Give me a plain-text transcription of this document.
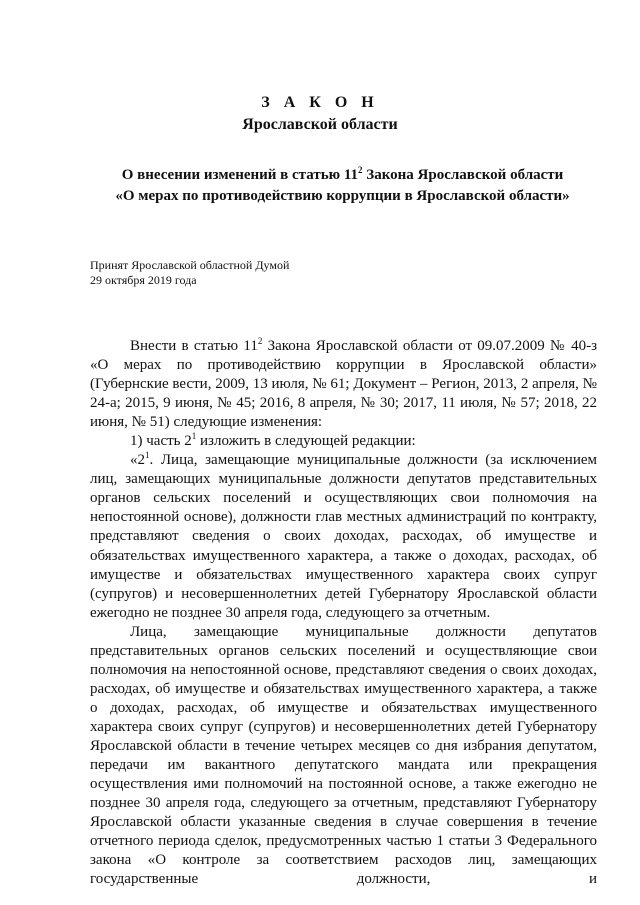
З А К О Н
Ярославской области
О внесении изменений в статью $11^2$ Закона Ярославской области
«О мерах по противодействию коррупции в Ярославской области»
Принят Ярославской областной Думой
29 октября 2019 года

Внести в статью $11^2$ Закона Ярославской области от 09.07.2009 № 40-з «О мерах по противодействию коррупции в Ярославской области» (Губернские вести, 2009, 13 июля, № 61; Документ – Регион, 2013, 2 апреля, № 24-а; 2015, 9 июня, № 45; 2016, 8 апреля, № 30; 2017, 11 июля, № 57; 2018, 22 июня, № 51) следующие изменения:

1) часть $2^1$ изложить в следующей редакции:

«$2^1$. Лица, замещающие муниципальные должности (за исключением лиц, замещающих муниципальные должности депутатов представительных органов сельских поселений и осуществляющих свои полномочия на непостоянной основе), должности глав местных администраций по контракту, представляют сведения о своих доходах, расходах, об имуществе и обязательствах имущественного характера, а также о доходах, расходах, об имуществе и обязательствах имущественного характера своих супруг (супругов) и несовершеннолетних детей Губернатору Ярославской области ежегодно не позднее 30 апреля года, следующего за отчетным.

Лица, замещающие муниципальные должности депутатов представительных органов сельских поселений и осуществляющие свои полномочия на непостоянной основе, представляют сведения о своих доходах, расходах, об имуществе и обязательствах имущественного характера, а также о доходах, расходах, об имуществе и обязательствах имущественного характера своих супруг (супругов) и несовершеннолетних детей Губернатору Ярославской области в течение четырех месяцев со дня избрания депутатом, передачи им вакантного депутатского мандата или прекращения осуществления ими полномочий на постоянной основе, а также ежегодно не позднее 30 апреля года, следующего за отчетным, представляют Губернатору Ярославской области указанные сведения в случае совершения в течение отчетного периода сделок, предусмотренных частью 1 статьи 3 Федерального закона «О контроле за соответствием расходов лиц, замещающих государственные должности, и
